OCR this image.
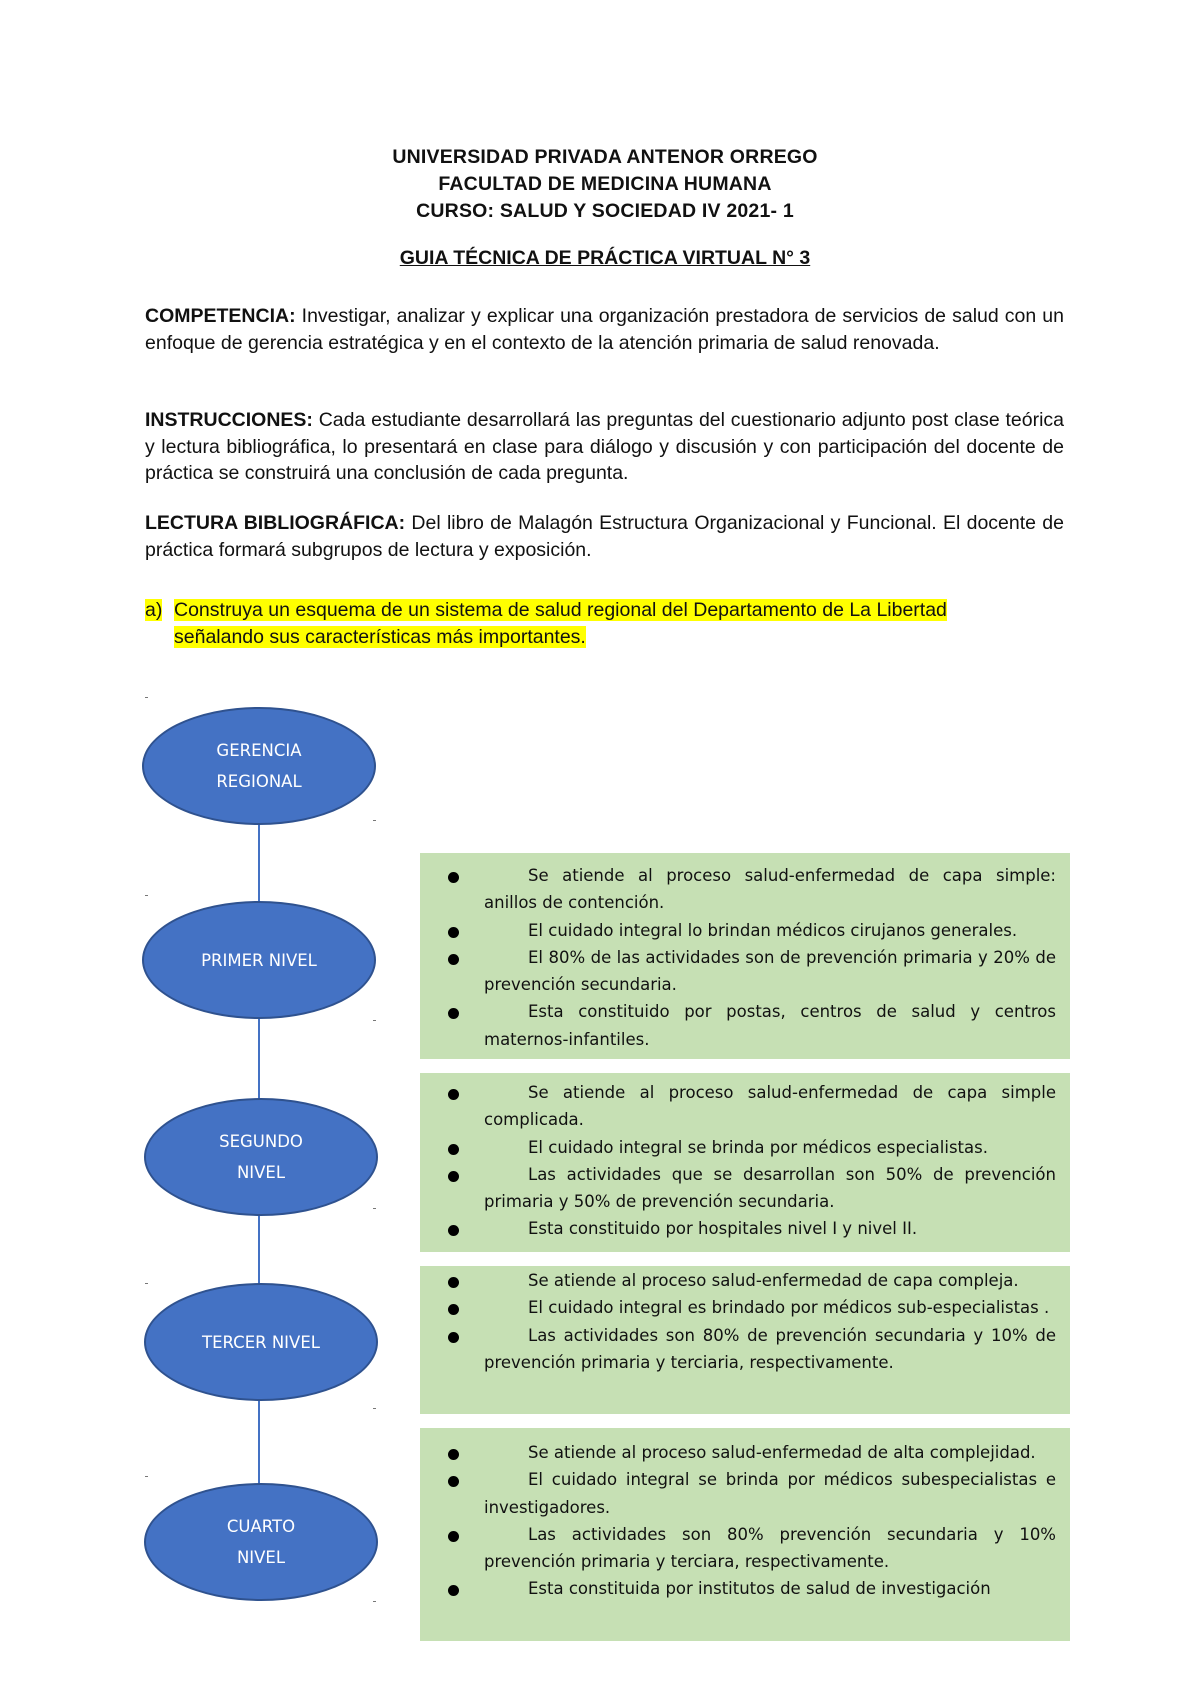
UNIVERSIDAD PRIVADA ANTENOR ORREGO
FACULTAD DE MEDICINA HUMANA
CURSO: SALUD Y SOCIEDAD IV 2021- 1
GUIA TÉCNICA DE PRÁCTICA VIRTUAL N° 3
COMPETENCIA: Investigar, analizar y explicar una organización prestadora de servicios de salud con un enfoque de gerencia estratégica y en el contexto de la atención primaria de salud renovada.
INSTRUCCIONES: Cada estudiante desarrollará las preguntas del cuestionario adjunto post clase teórica y lectura bibliográfica, lo presentará en clase para diálogo y discusión y con participación del docente de práctica se construirá una conclusión de cada pregunta.
LECTURA BIBLIOGRÁFICA: Del libro de Malagón Estructura Organizacional y Funcional. El docente de práctica formará subgrupos de lectura y exposición.
a) Construya un esquema de un sistema de salud regional del Departamento de La Libertad
señalando sus características más importantes.
GERENCIA
REGIONAL
PRIMER NIVEL
SEGUNDO
NIVEL
TERCER NIVEL
CUARTO
NIVEL
Se atiende al proceso salud-enfermedad de capa simple: anillos de contención.
El cuidado integral lo brindan médicos cirujanos generales.
El 80% de las actividades son de prevención primaria y 20% de prevención secundaria.
Esta constituido por postas, centros de salud y centros maternos-infantiles.
Se atiende al proceso salud-enfermedad de capa simple complicada.
El cuidado integral se brinda por médicos especialistas.
Las actividades que se desarrollan son 50% de prevención primaria y 50% de prevención secundaria.
Esta constituido por hospitales nivel I y nivel II.
Se atiende al proceso salud-enfermedad de capa compleja.
El cuidado integral es brindado por médicos sub-especialistas .
Las actividades son 80% de prevención secundaria y 10% de prevención primaria y terciaria, respectivamente.
Se atiende al proceso salud-enfermedad de alta complejidad.
El cuidado integral se brinda por médicos subespecialistas e investigadores.
Las actividades son 80% prevención secundaria y 10% prevención primaria y terciara, respectivamente.
Esta constituida por institutos de salud de investigación
